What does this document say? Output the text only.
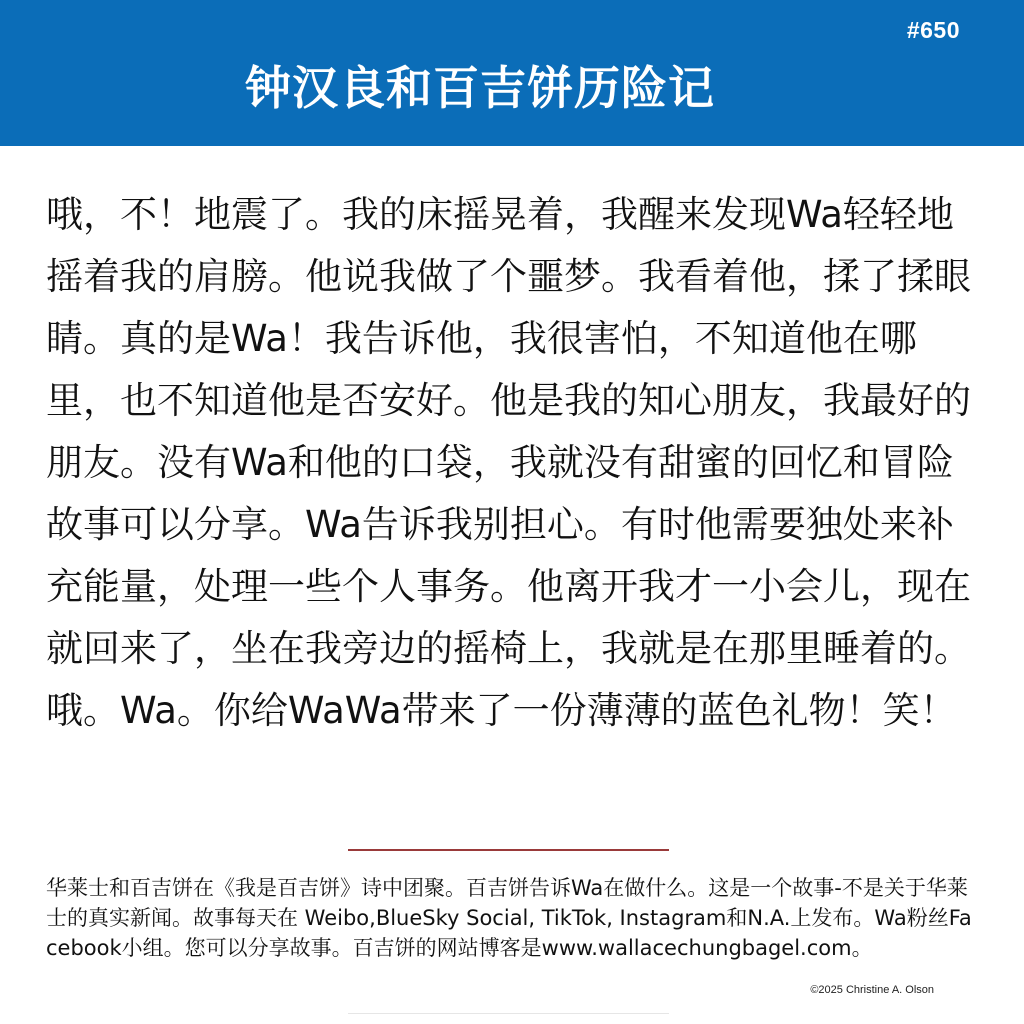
#650
钟汉良和百吉饼历险记
哦，不！地震了。我的床摇晃着，我醒来发现Wa轻轻地摇着我的肩膀。他说我做了个噩梦。我看着他，揉了揉眼睛。真的是Wa！我告诉他，我很害怕，不知道他在哪里，也不知道他是否安好。他是我的知心朋友，我最好的朋友。没有Wa和他的口袋，我就没有甜蜜的回忆和冒险故事可以分享。Wa告诉我别担心。有时他需要独处来补充能量，处理一些个人事务。他离开我才一小会儿，现在就回来了，坐在我旁边的摇椅上，我就是在那里睡着的。哦。Wa。你给WaWa带来了一份薄薄的蓝色礼物！笑！
华莱士和百吉饼在《我是百吉饼》诗中团聚。百吉饼告诉Wa在做什么。这是一个故事-不是关于华莱士的真实新闻。故事每天在 Weibo,BlueSky Social, TikTok, Instagram和N.A.上发布。Wa粉丝Facebook小组。您可以分享故事。百吉饼的网站博客是www.wallacechungbagel.com。
©2025 Christine A. Olson
